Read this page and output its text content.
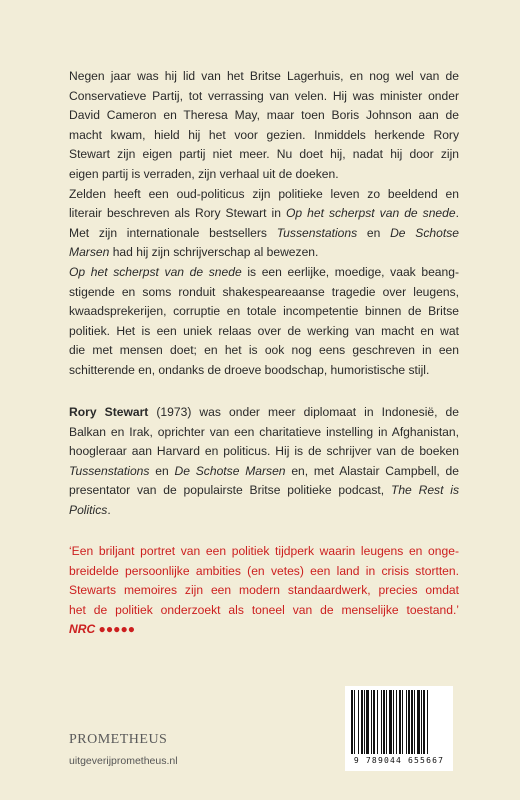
Negen jaar was hij lid van het Britse Lagerhuis, en nog wel van de
Conservatieve Partij, tot verrassing van velen. Hij was minister onder
David Cameron en Theresa May, maar toen Boris Johnson aan de
macht kwam, hield hij het voor gezien. Inmiddels herkende Rory
Stewart zijn eigen partij niet meer. Nu doet hij, nadat hij door zijn
eigen partij is verraden, zijn verhaal uit de doeken.

Zelden heeft een oud-politicus zijn politieke leven zo beeldend en
literair beschreven als Rory Stewart in Op het scherpst van de snede.
Met zijn internationale bestsellers Tussenstations en De Schotse
Marsen had hij zijn schrijverschap al bewezen.

Op het scherpst van de snede is een eerlijke, moedige, vaak beang-
stigende en soms ronduit shakespeareaanse tragedie over leugens,
kwaadsprekerijen, corruptie en totale incompetentie binnen de Britse
politiek. Het is een uniek relaas over de werking van macht en wat
die met mensen doet; en het is ook nog eens geschreven in een
schitterende en, ondanks de droeve boodschap, humoristische stijl.

Rory Stewart (1973) was onder meer diplomaat in Indonesië, de
Balkan en Irak, oprichter van een charitatieve instelling in Afghanistan,
hoogleraar aan Harvard en politicus. Hij is de schrijver van de boeken
Tussenstations en De Schotse Marsen en, met Alastair Campbell, de
presentator van de populairste Britse politieke podcast, The Rest is
Politics.

‘Een briljant portret van een politiek tijdperk waarin leugens en onge-
breidelde persoonlijke ambities (en vetes) een land in crisis stortten.
Stewarts memoires zijn een modern standaardwerk, precies omdat
het de politiek onderzoekt als toneel van de menselijke toestand.’
NRC ●●●●●

PROMETHEUS
uitgeverijprometheus.nl	9 789044 655667
